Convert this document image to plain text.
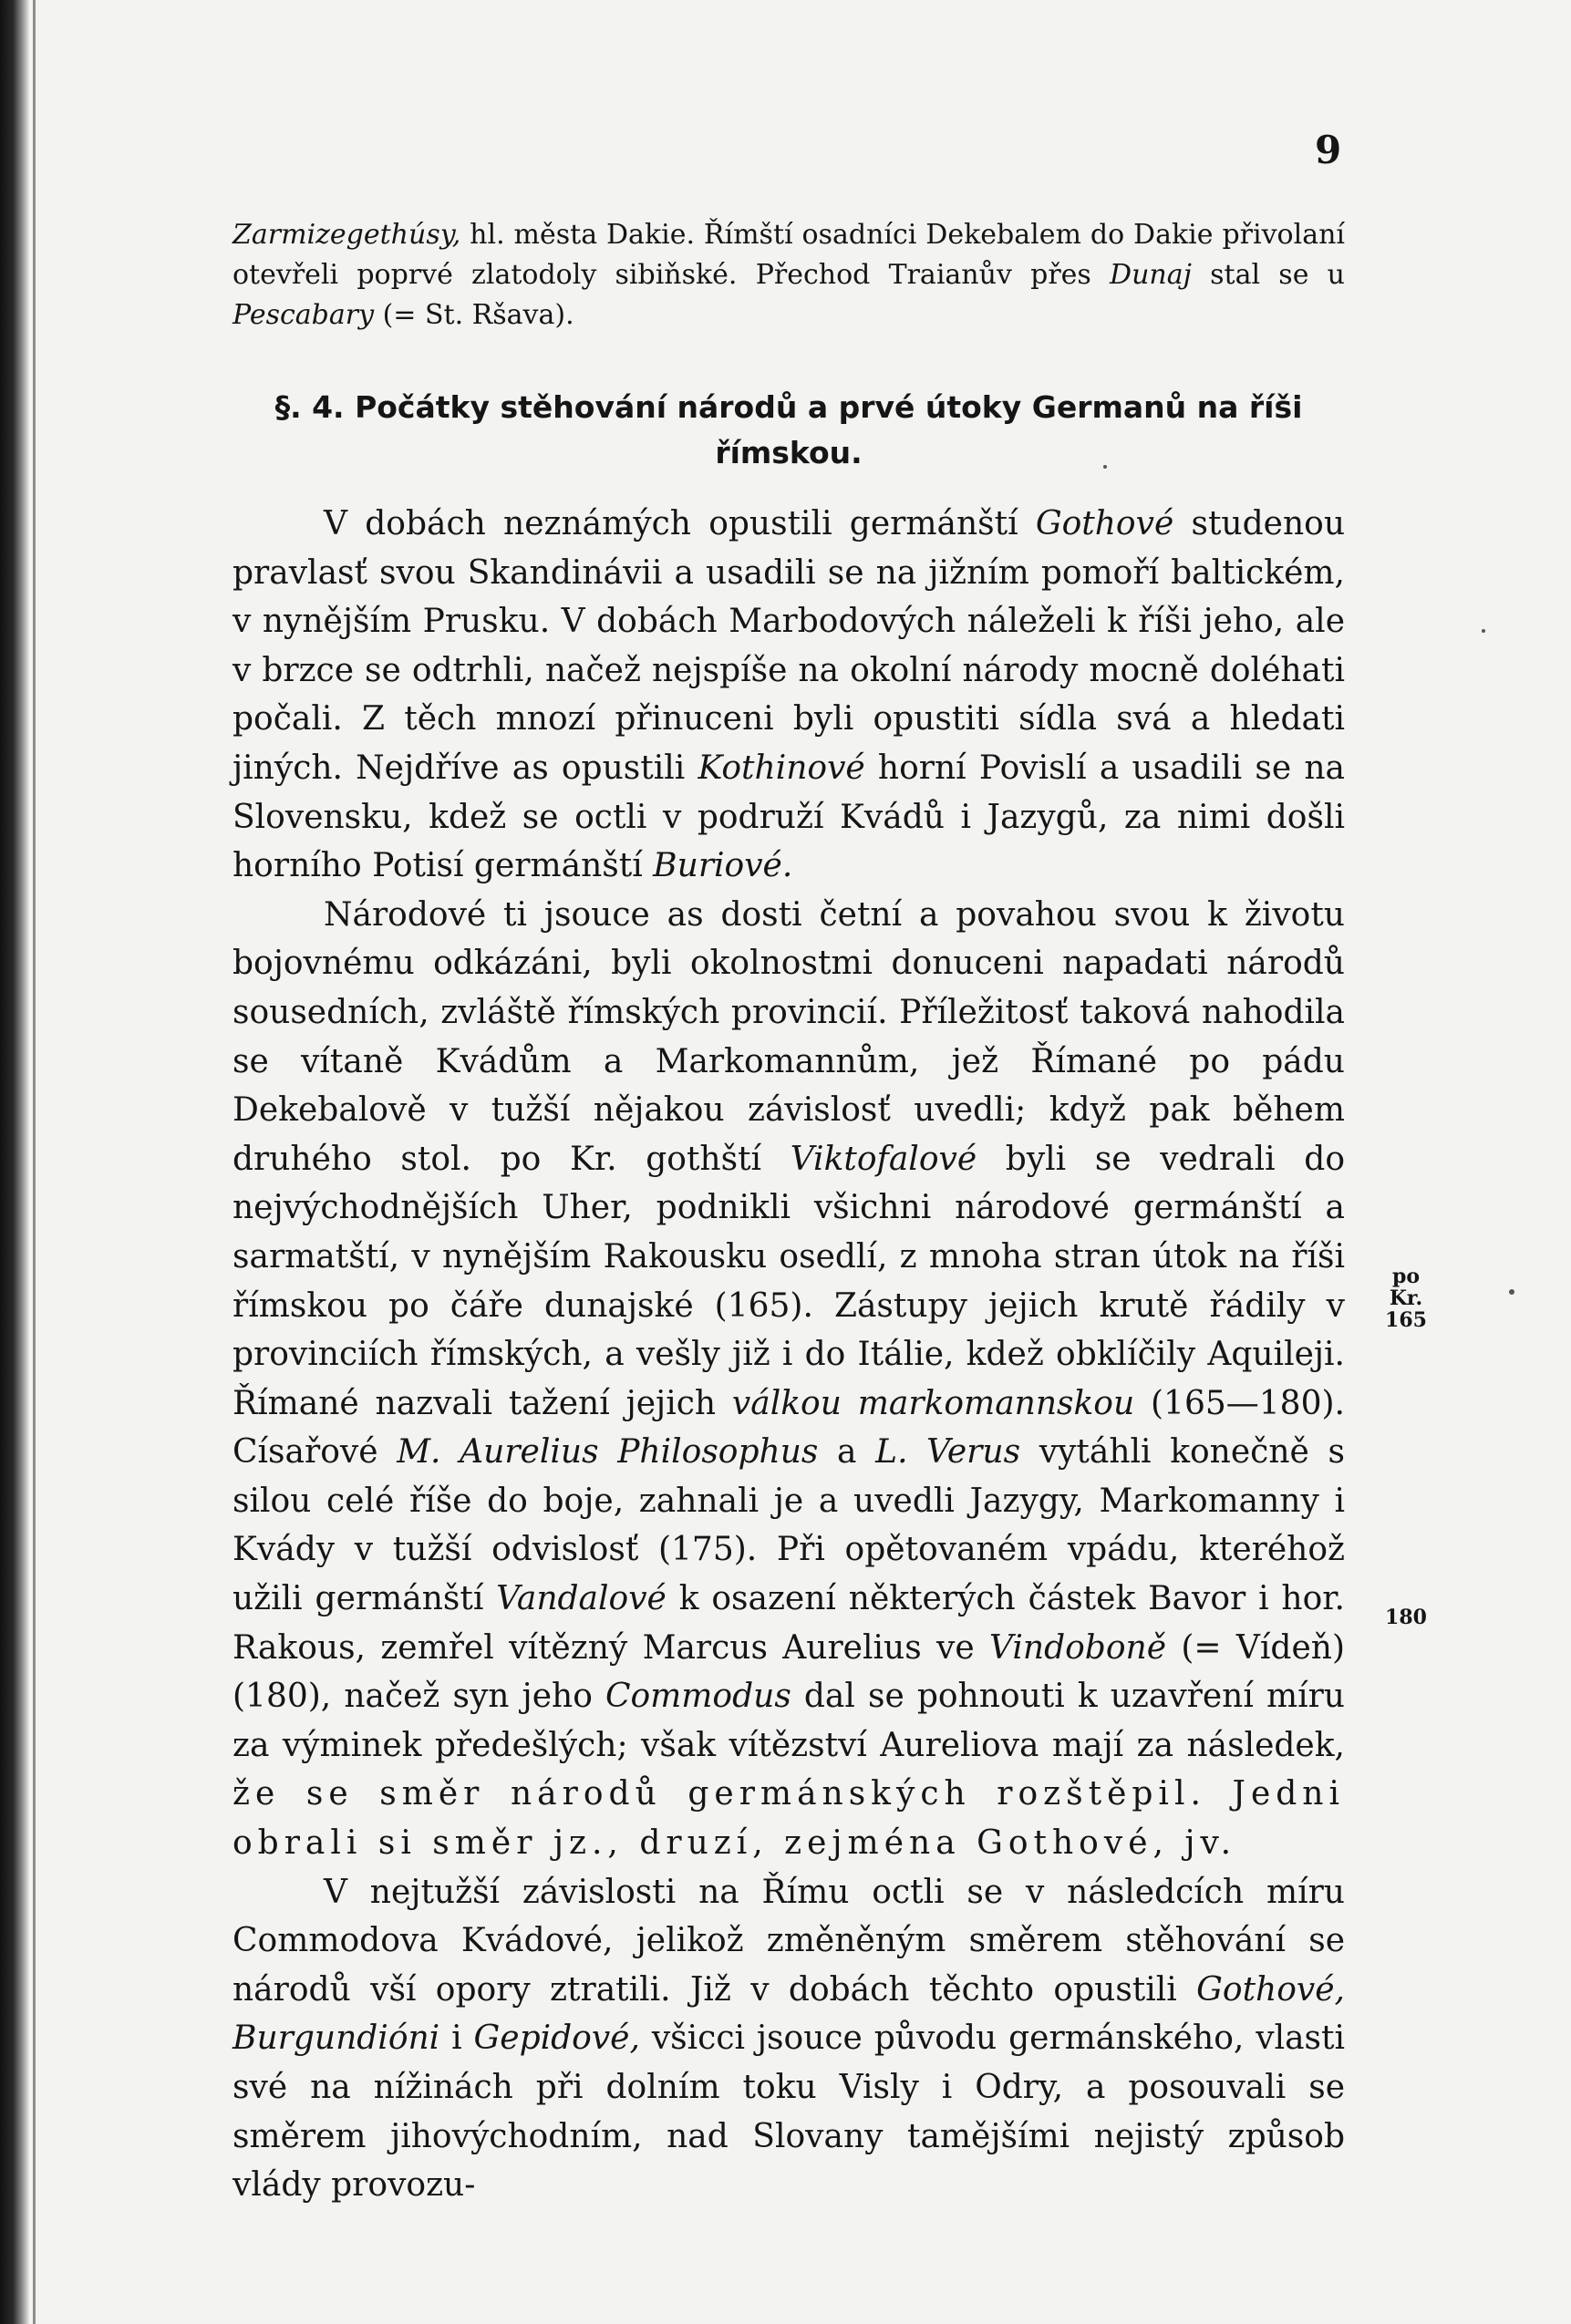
9

Zarmizegethúsy, hl. města Dakie. Římští osadníci Dekebalem do Dakie přivolaní otevřeli poprvé zlatodoly sibiňské. Přechod Traianův přes Dunaj stal se u Pescabary (= St. Ršava).

§. 4. Počátky stěhování národů a prvé útoky Germanů na říši římskou.

V dobách neznámých opustili germánští Gothové studenou pravlasť svou Skandinávii a usadili se na jižním pomoří baltickém, v nynějším Prusku. V dobách Marbodových náleželi k říši jeho, ale v brzce se odtrhli, načež nejspíše na okolní národy mocně doléhati počali. Z těch mnozí přinuceni byli opustiti sídla svá a hledati jiných. Nejdříve as opustili Kothinové horní Povislí a usadili se na Slovensku, kdež se octli v podruží Kvádů i Jazygů, za nimi došli horního Potisí germánští Buriové.

Národové ti jsouce as dosti četní a povahou svou k životu bojovnému odkázáni, byli okolnostmi donuceni napadati národů sousedních, zvláště římských provincií. Příležitosť taková nahodila se vítaně Kvádům a Markomannům, jež Římané po pádu Dekebalově v tužší nějakou závislosť uvedli; když pak během druhého stol. po Kr. gothští Viktofalové byli se vedrali do nejvýchodnějších Uher, podnikli všichni národové germánští a sarmatští, v nynějším Rakousku osedlí, z mnoha stran útok na říši římskou po čáře dunajské (165). Zástupy jejich krutě řádily v provinciích římských, a vešly již i do Itálie, kdež obklíčily Aquileji. Římané nazvali tažení jejich válkou markomannskou (165—180). Císařové M. Aurelius Philosophus a L. Verus vytáhli konečně s silou celé říše do boje, zahnali je a uvedli Jazygy, Markomanny i Kvády v tužší odvislosť (175). Při opětovaném vpádu, kteréhož užili germánští Vandalové k osazení některých částek Bavor i hor. Rakous, zemřel vítězný Marcus Aurelius ve Vindoboně (= Vídeň) (180), načež syn jeho Commodus dal se pohnouti k uzavření míru za výminek předešlých; však vítězství Aureliova mají za následek, že se směr národů germánských rozštěpil. Jedni obrali si směr jz., druzí, zejména Gothové, jv.

V nejtužší závislosti na Římu octli se v následcích míru Commodova Kvádové, jelikož změněným směrem stěhování se národů vší opory ztratili. Již v dobách těchto opustili Gothové, Burgundióni i Gepidové, všicci jsouce původu germánského, vlasti své na nížinách při dolním toku Visly i Odry, a posouvali se směrem jihovýchodním, nad Slovany tamějšími nejistý způsob vlády provozu-

po Kr.
165
180
